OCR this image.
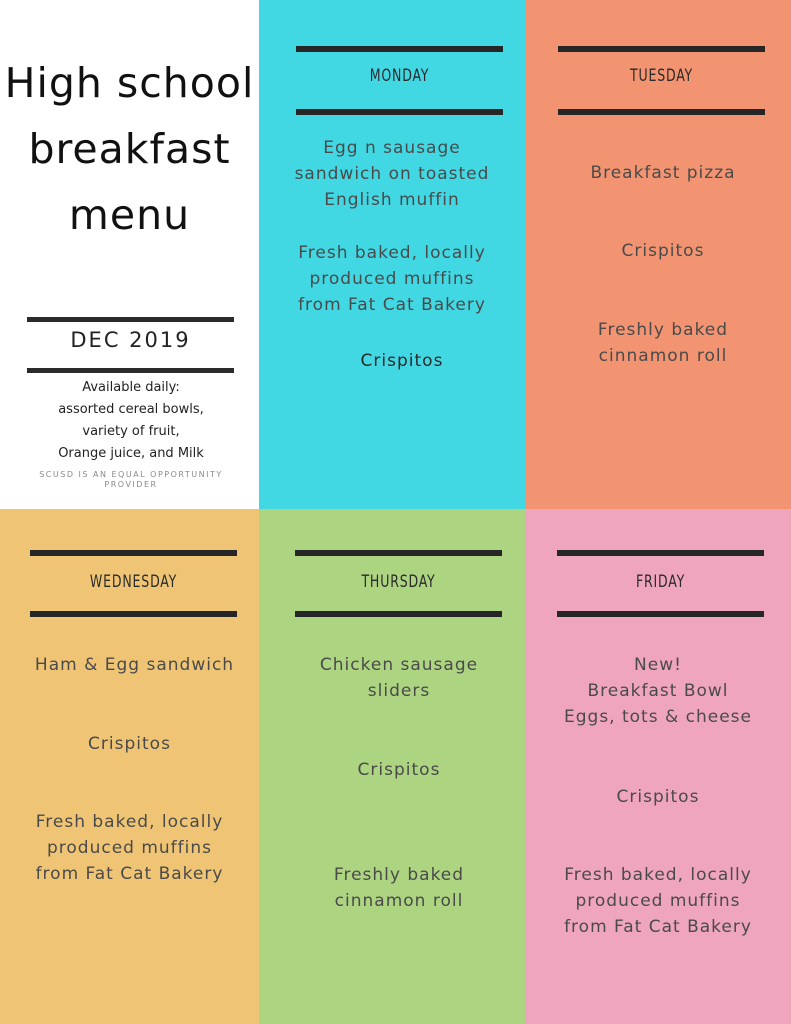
High school
breakfast
menu
DEC 2019
Available daily:
assorted cereal bowls,
variety of fruit,
Orange juice, and Milk
SCUSD IS AN EQUAL OPPORTUNITY
PROVIDER
MONDAY
Egg n sausage
sandwich on toasted
English muffin
Fresh baked, locally
produced muffins
from Fat Cat Bakery
Crispitos
TUESDAY
Breakfast pizza
Crispitos
Freshly baked
cinnamon roll
WEDNESDAY
Ham & Egg sandwich
Crispitos
Fresh baked, locally
produced muffins
from Fat Cat Bakery
THURSDAY
Chicken sausage
sliders
Crispitos
Freshly baked
cinnamon roll
FRIDAY
New!
Breakfast Bowl
Eggs, tots & cheese
Crispitos
Fresh baked, locally
produced muffins
from Fat Cat Bakery
